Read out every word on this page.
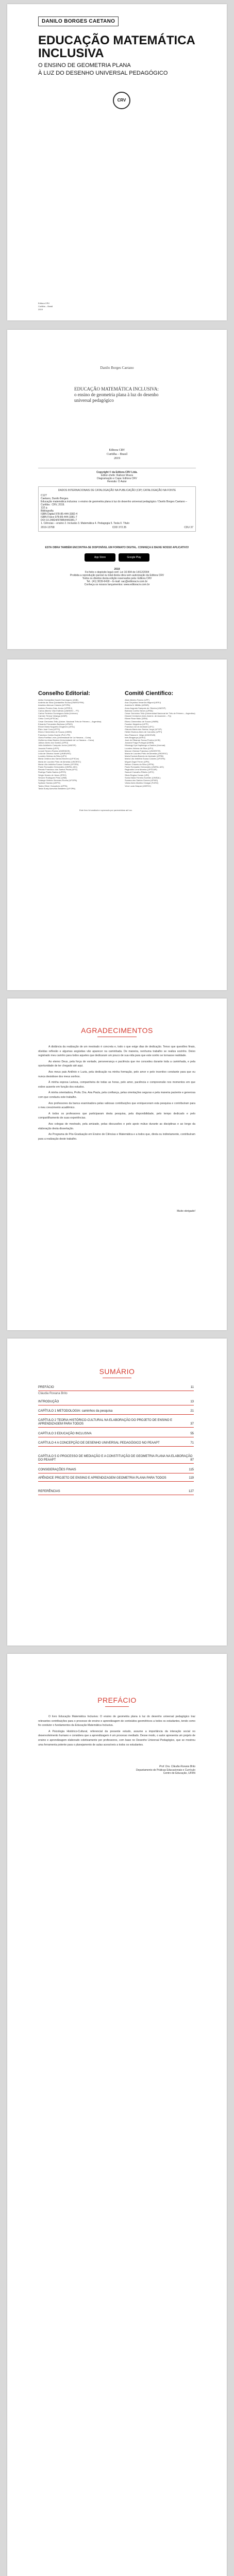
DANILO BORGES CAETANO
EDUCAÇÃO MATEMÁTICA
INCLUSIVA
O ENSINO DE GEOMETRIA PLANA
À LUZ DO DESENHO UNIVERSAL PEDAGÓGICO
CRV
Editora CRV
Curitiba – Brasil
2019
Danilo Borges Caetano
EDUCAÇÃO MATEMÁTICA INCLUSIVA: o ensino de geometria plana à luz do desenho universal pedagógico
Editora CRV
Curitiba – Brasil
2019
Copyright © da Editora CRV Ltda.
Editor-chefe: Railson Moura
Diagramação e Capa: Editora CRV
Revisão: O Autor
DADOS INTERNACIONAIS DE CATALOGAÇÃO NA PUBLICAÇÃO (CIP) CATALOGAÇÃO NA FONTE
C127
Caetano, Danilo Borges.
Educação matemática inclusiva: o ensino de geometria plana à luz do desenho universal pedagógico / Danilo Borges Caetano – Curitiba : CRV, 2019.
132 p.
Bibliografia
ISBN Digital 978-85-444-3382-4
ISBN Físico 978-85-444-3381-7
DOI 10.24824/978854443381.7
1. Ciências – ensino 2. Inclusão 3. Matemática 4. Pedagogia 5. Tesla II. Título
2019-13768	CDD 372.35	CDU 37
ESTA OBRA TAMBÉM ENCONTRA-SE DISPONÍVEL EM FORMATO DIGITAL. CONHEÇA E BAIXE NOSSO APLICATIVO!
App Store	Google Play
2019
Foi feito o depósito legal conf. Lei 10.994 de 14/12/2004
Proibida a reprodução parcial ou total desta obra sem autorização da Editora CRV
Todos os direitos desta edição reservados pela: Editora CRV
Tel.: (41) 3039-6418 – E-mail: sac@editoracrv.com.br
Conheça os nossos lançamentos: www.editoracrv.com.br
Conselho Editorial:	Comitê Científico:
Aldira Guimarães Duarte Domínguez (UNB)
Andréia da Silva Quintanilha Sousa (UNIR/UFRN)
Anselmo Alencar Colares (UFOPA)
Antônio Pereira Gaio Júnior (UFRRJ)
Carlos Alberto Vilar Estêvão (UMINHO – PT)
Carlos Federico Dominguez Avila (Unieuro)
Carmen Tereza Velanga (UNIR)
Celso Conti (UFSCar)
Cesar Gerónimo Tello (Univer. Nacional Três de Febrero – Argentina)
Eduardo Fernandes Barbosa (UFMG)
Elione Maria Nogueira Diogenes (UFAL)
Élsio José Corá (UFFS)
Elizeu Clementino de Souza (UNEB)
Francisco Carlos Duarte (PUC-PR)
Gloria Fariñas León (Universidade de La Havana – Cuba)
Guillermo Arias Beatón (Universidade de La Havana – Cuba)
Jailson Alves dos Santos (UFRJ)
João Adalberto Campato Junior (UNESP)
Josania Portela (UFPI)
Leonel Severo Rocha (UNISINOS)
Lídia de Oliveira Xavier (UNIEURO)
Lourdes Helena da Silva (UFV)
Maria Cristina dos Santos Bezerra (UFSCar)
Maria de Lourdes Pinto de Almeida (UNOESC)
Maria Lília Imbiriba Sousa Colares (UFOPA)
Paulo Romualdo Hernandes (UNIFAL-MG)
Renato Francisco dos Santos Paula (UFG)
Rodrigo Pratte-Santos (UFES)
Sérgio Nunes de Jesus (IFRO)
Simone Rodrigues Pinto (UNB)
Solange Helena Ximenes-Rocha (UFOPA)
Sydione Santos (UEPG)
Tadeu Oliver Gonçalves (UFPA)
Tania Suely Azevedo Brasileiro (UFOPA)
Altair Alberto Fávero (UPF)
Ana Chrystina Venancio Mignot (UERJ)
Andréia N. Militão (UEMS)
Anna Augusta Sampaio de Oliveira (UNESP)
Barbara Coelho Neves (UFBA)
Cesar Gerónimo Tello (Universidad Nacional de Três de Febrero – Argentina)
Diosnel Centurion (Univ Americ. de Asunción – Py)
Eliane Rose Maio (UEM)
Elizeu Clementino de Souza (UNEB)
Fauston Negreiros (UFPI)
Francisco Ari de Andrade (UFC)
Gláucia Maria dos Santos Jorge (UFOP)
Helder Buenos Aires de Carvalho (UFPI)
Ilma Passos A. Veiga (UNICEUB)
Inês Bragança (UERJ)
José de Ribamar Sousa Pereira (UCB)
Jussara Fraga Portugal (UNEB)
Kilwangy Kya Kapitango-a-Samba (Unemat)
Lourdes Helena da Silva (UFV)
Marcos Vinicius Francisco (UNOESTE)
Maria de Lourdes Pinto de Almeida (UNOESC)
Maria Eurácia Barreto de Andrade (UFRB)
Maria Lília Imbiriba Sousa Colares (UFOPA)
Míguel Ángel Ferrer (UPN)
Nelson Chaves da Silva (UFPA)
Paulo Romualdo Hernandes (UNIFAL-MG)
Reginaldo Lima Moreira (UFSCAR)
Samuel Carvalho Ribeiro (UFG)
Silvia Regina Canan (URI)
Sonia Maria Ferreira Koehler (UNISAL)
Suzana dos Santos Gomes (UFMG)
Vânia Alves Martins Chaigar (FURG)
Vera Lucia Gaspar (UDESC)
Este livro foi avaliado e aprovado por pareceristas ad hoc.
AGRADECIMENTOS

A distância da realização de um mestrado é concreta e, todo o que exige dias de dedicação. Tenso que questões finais, dúvidas reflexão e algumas angústias vão aparecer na caminhada. De maneira, nenhuma trabalho se realiza sozinho. Deixo registrado meu carinho para todos aqueles que dedicaram um pouco de sua vida para que este sonho se tornasse realidade.

Ao eterno Deus, pela força de vontade, perseverança e paciência que me concedeu durante toda a caminhada, e pela oportunidade de ter chegado até aqui.

Aos meus pais Antônio e Luzia, pela dedicação na minha formação, pelo amor e pelo incentivo constante para que eu nunca desistisse dos meus sonhos.

À minha esposa Larissa, companheira de todas as horas, pelo amor, paciência e compreensão nos momentos em que estive ausente em função dos estudos.

À minha orientadora, Profa. Dra. Ana Paula, pela confiança, pelas orientações seguras e pela maneira paciente e generosa com que conduziu este trabalho.

Aos professores da banca examinadora pelas valiosas contribuições que enriqueceram esta pesquisa e contribuíram para o meu crescimento acadêmico.

A todos os professores que participaram desta pesquisa, pela disponibilidade, pelo tempo dedicado e pelo compartilhamento de suas experiências.

Aos colegas de mestrado, pela amizade, pelas discussões e pelo apoio mútuo durante as disciplinas e ao longo da elaboração desta dissertação.

Ao Programa de Pós-Graduação em Ensino de Ciências e Matemática e a todos que, direta ou indiretamente, contribuíram para a realização deste trabalho.

Muito obrigado!
SUMÁRIO
PREFÁCIO	11
Cláudia Roxana Brito
INTRODUÇÃO	13
CAPÍTULO 1 METODOLOGIA: caminhos da pesquisa	21
CAPÍTULO 2 TEORIA HISTÓRICO-CULTURAL NA ELABORAÇÃO DO PROJETO DE ENSINO E APRENDIZAGEM PARA TODOS	37
CAPÍTULO 3 EDUCAÇÃO INCLUSIVA	55
CAPÍTULO 4 A CONCEPÇÃO DE DESENHO UNIVERSAL PEDAGÓGICO NO PEAAPT	71
CAPÍTULO 5 O PROCESSO DE MEDIAÇÃO E A CONSTITUIÇÃO DE GEOMETRIA PLANA NA ELABORAÇÃO DO PEAAPT	87
CONSIDERAÇÕES FINAIS	115
APÊNDICE PROJETO DE ENSINO E APRENDIZAGEM GEOMETRIA PLANA PARA TODOS	119
REFERÊNCIAS	127
PREFÁCIO

O livro Educação Matemática Inclusiva: O ensino de geometria plana à luz do desenho universal pedagógico traz relevantes contribuições para o processo de ensino e aprendizagem de conteúdos geométricos a todos os estudantes, tendo como fio condutor o fundamentos da Educação Matemática Inclusiva.

A Psicologia Histórico-Cultural, referencial da presente estudo, assume a importância da interação social no desenvolvimento humano e considera que a aprendizagem é um processo mediado. Desse modo, o autor apresenta um projeto de ensino e aprendizagem elaborado coletivamente por professores, com base no Desenho Universal Pedagógico, que se mostrou uma ferramenta potente para o planejamento de aulas acessíveis a todos os estudantes.

Prof. Dra. Cláudia Roxana Brito
Departamento de Práticas Educacionais e Currículo
Centro de Educação, UFRN
